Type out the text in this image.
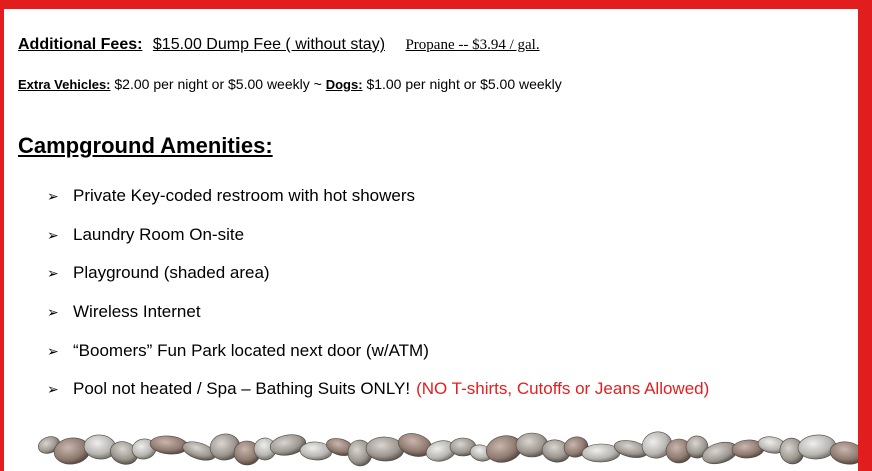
Additional Fees: $15.00 Dump Fee ( without stay) Propane -- $3.94 / gal.
Extra Vehicles: $2.00 per night or $5.00 weekly ~ Dogs: $1.00 per night or $5.00 weekly
Campground Amenities:
➢ Private Key-coded restroom with hot showers
➢ Laundry Room On-site
➢ Playground (shaded area)
➢ Wireless Internet
➢ “Boomers” Fun Park located next door (w/ATM)
➢ Pool not heated / Spa – Bathing Suits ONLY! (NO T-shirts, Cutoffs or Jeans Allowed)
